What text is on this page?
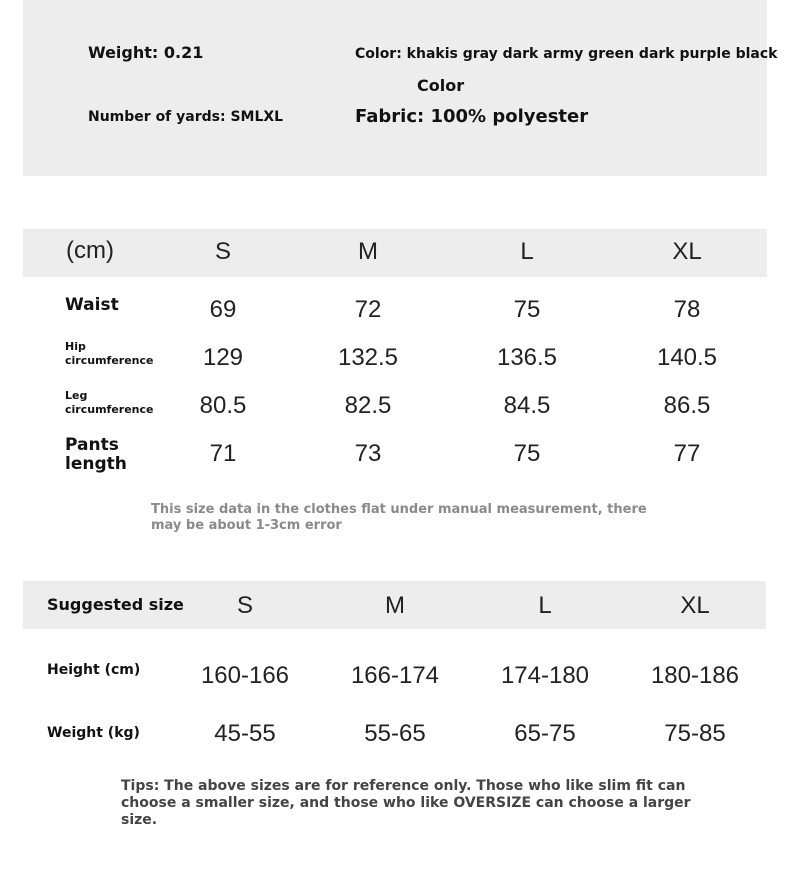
Weight: 0.21	Color: khakis gray dark army green dark purple black
Color
Number of yards: SMLXL	Fabric: 100% polyester
(cm)	S	M	L	XL
Waist	69	72	75	78
Hip circumference	129	132.5	136.5	140.5
Leg circumference	80.5	82.5	84.5	86.5
Pants length	71	73	75	77
This size data in the clothes flat under manual measurement, there may be about 1-3cm error
Suggested size	S	M	L	XL
Height (cm)	160-166	166-174	174-180	180-186
Weight (kg)	45-55	55-65	65-75	75-85
Tips: The above sizes are for reference only. Those who like slim fit can choose a smaller size, and those who like OVERSIZE can choose a larger size.
